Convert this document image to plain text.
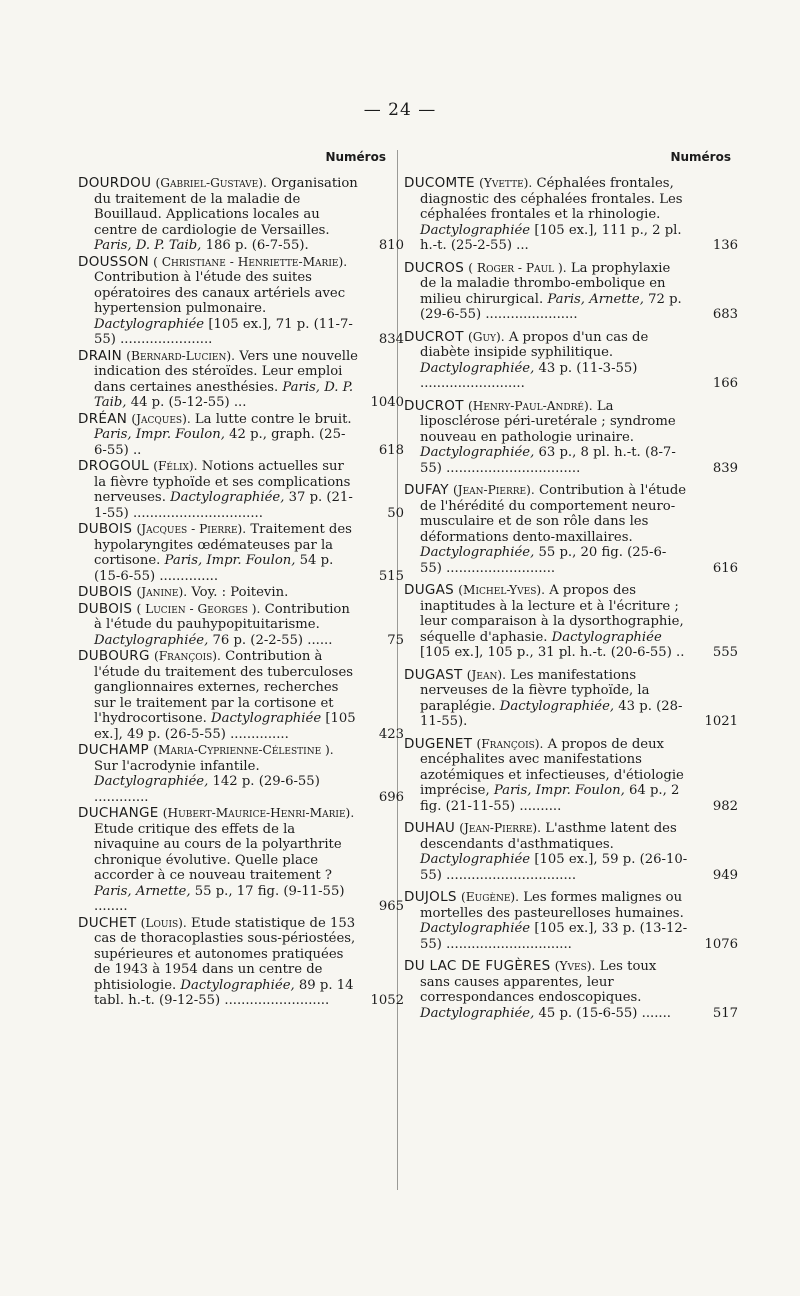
— 24 —
Numéros
DOURDOU (Gabriel-Gustave). Organisation du traitement de la maladie de Bouillaud. Applications locales au centre de cardiologie de Versailles. Paris, D. P. Taib, 186 p. (6-7-55).	810
DOUSSON ( Christiane - Henriette-Marie). Contribution à l'étude des suites opératoires des canaux artériels avec hypertension pulmonaire. Dactylographiée [105 ex.], 71 p. (11-7-55) ......................	834
DRAIN (Bernard-Lucien). Vers une nouvelle indication des stéroïdes. Leur emploi dans certaines anesthésies. Paris, D. P. Taib, 44 p. (5-12-55) ...	1040
DRÉAN (Jacques). La lutte contre le bruit. Paris, Impr. Foulon, 42 p., graph. (25-6-55) ..	618
DROGOUL (Félix). Notions actuelles sur la fièvre typhoïde et ses complications nerveuses. Dactylographiée, 37 p. (21-1-55) ...............................	50
DUBOIS (Jacques - Pierre). Traitement des hypolaryngites œdémateuses par la cortisone. Paris, Impr. Foulon, 54 p. (15-6-55) ..............	515
DUBOIS (Janine). Voy. : Poitevin.
DUBOIS ( Lucien - Georges ). Contribution à l'étude du pauhypopituitarisme. Dactylographiée, 76 p. (2-2-55) ......	75
DUBOURG (François). Contribution à l'étude du traitement des tuberculoses ganglionnaires externes, recherches sur le traitement par la cortisone et l'hydrocortisone. Dactylographiée [105 ex.], 49 p. (26-5-55) ..............	423
DUCHAMP (Maria-Cyprienne-Célestine ). Sur l'acrodynie infantile. Dactylographiée, 142 p. (29-6-55) .............	696
DUCHANGE (Hubert-Maurice-Henri-Marie). Etude critique des effets de la nivaquine au cours de la polyarthrite chronique évolutive. Quelle place accorder à ce nouveau traitement ? Paris, Arnette, 55 p., 17 fig. (9-11-55) ........	965
DUCHET (Louis). Etude statistique de 153 cas de thoracoplasties sous-périostées, supérieures et autonomes pratiquées de 1943 à 1954 dans un centre de phtisiologie. Dactylographiée, 89 p. 14 tabl. h.-t. (9-12-55) .........................	1052
Numéros
DUCOMTE (Yvette). Céphalées frontales, diagnostic des céphalées frontales. Les céphalées frontales et la rhinologie. Dactylographiée [105 ex.], 111 p., 2 pl. h.-t. (25-2-55) ...	136
DUCROS ( Roger - Paul ). La prophylaxie de la maladie thrombo-embolique en milieu chirurgical. Paris, Arnette, 72 p. (29-6-55) ......................	683
DUCROT (Guy). A propos d'un cas de diabète insipide syphilitique. Dactylographiée, 43 p. (11-3-55) .........................	166
DUCROT (Henry-Paul-André). La liposclérose péri-uretérale ; syndrome nouveau en pathologie urinaire. Dactylographiée, 63 p., 8 pl. h.-t. (8-7-55) ................................	839
DUFAY (Jean-Pierre). Contribution à l'étude de l'hérédité du comportement neuro-musculaire et de son rôle dans les déformations dento-maxillaires. Dactylographiée, 55 p., 20 fig. (25-6-55) ..........................	616
DUGAS (Michel-Yves). A propos des inaptitudes à la lecture et à l'écriture ; leur comparaison à la dysorthographie, séquelle d'aphasie. Dactylographiée [105 ex.], 105 p., 31 pl. h.-t. (20-6-55) .. 555
DUGAST (Jean). Les manifestations nerveuses de la fièvre typhoïde, la paraplégie. Dactylographiée, 43 p. (28-11-55).	1021
DUGENET (François). A propos de deux encéphalites avec manifestations azotémiques et infectieuses, d'étiologie imprécise, Paris, Impr. Foulon, 64 p., 2 fig. (21-11-55) ..........	982
DUHAU (Jean-Pierre). L'asthme latent des descendants d'asthmatiques. Dactylographiée [105 ex.], 59 p. (26-10-55) ...............................	949
DUJOLS (Eugène). Les formes malignes ou mortelles des pasteurelloses humaines. Dactylographiée [105 ex.], 33 p. (13-12-55) ..............................	1076
DU LAC DE FUGÈRES (Yves). Les toux sans causes apparentes, leur correspondances endoscopiques. Dactylographiée, 45 p. (15-6-55) .......	517
